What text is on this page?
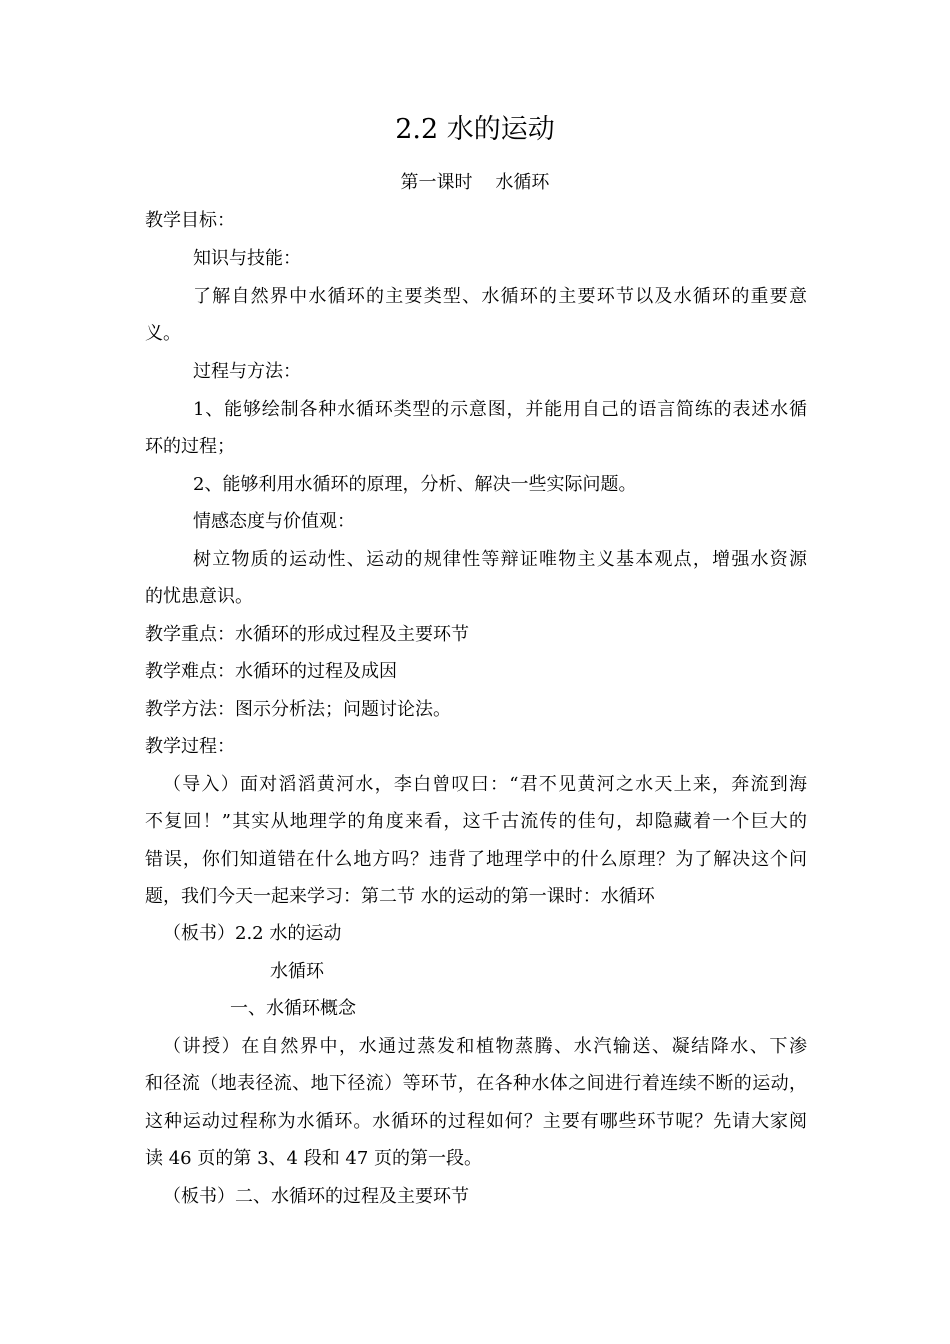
2.2 水的运动
第一课时    水循环
教学目标：
知识与技能：
了解自然界中水循环的主要类型、水循环的主要环节以及水循环的重要意
义。
过程与方法：
1、能够绘制各种水循环类型的示意图，并能用自己的语言简练的表述水循
环的过程；
2、能够利用水循环的原理，分析、解决一些实际问题。
情感态度与价值观：
树立物质的运动性、运动的规律性等辩证唯物主义基本观点，增强水资源
的忧患意识。
教学重点：水循环的形成过程及主要环节
教学难点：水循环的过程及成因
教学方法：图示分析法；问题讨论法。
教学过程：
（导入）面对滔滔黄河水，李白曾叹曰：“君不见黄河之水天上来，奔流到海
不复回！”其实从地理学的角度来看，这千古流传的佳句，却隐藏着一个巨大的
错误，你们知道错在什么地方吗？违背了地理学中的什么原理？为了解决这个问
题，我们今天一起来学习：第二节 水的运动的第一课时：水循环
（板书）2.2 水的运动
水循环
一、水循环概念
（讲授）在自然界中，水通过蒸发和植物蒸腾、水汽输送、凝结降水、下渗
和径流（地表径流、地下径流）等环节，在各种水体之间进行着连续不断的运动，
这种运动过程称为水循环。水循环的过程如何？主要有哪些环节呢？先请大家阅
读 46 页的第 3、4 段和 47 页的第一段。
（板书）二、水循环的过程及主要环节
